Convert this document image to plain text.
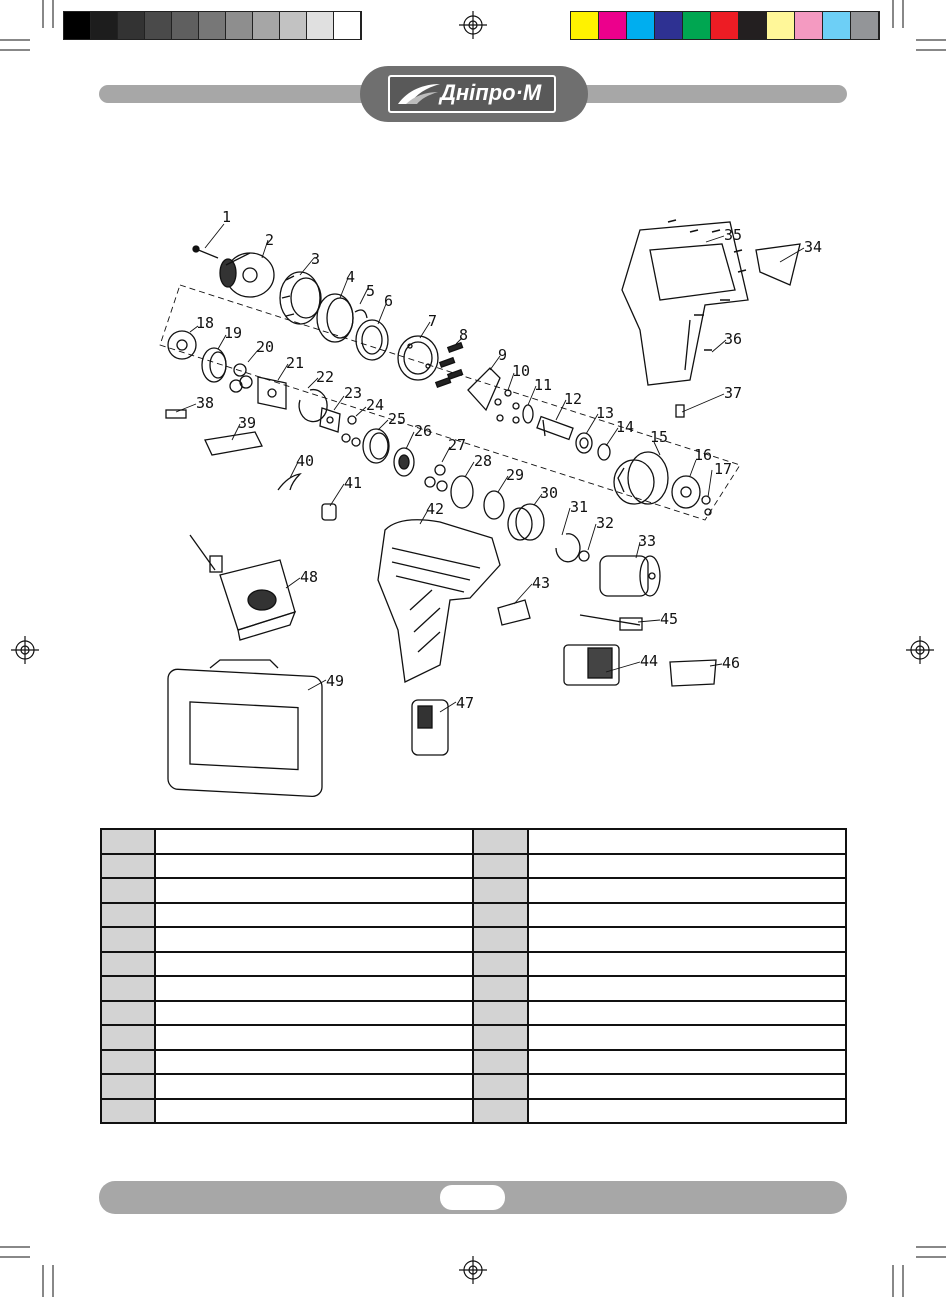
Дніпро·М
1
2
3
4
5
6
7
8
9
10
11
12
13
14
15
16
17
18
19
20
21
22
23
24
25
26
27
28
29
30
31
32
33
34
35
36
37
38
39
40
41
42
43
44
45
46
47
48
49
